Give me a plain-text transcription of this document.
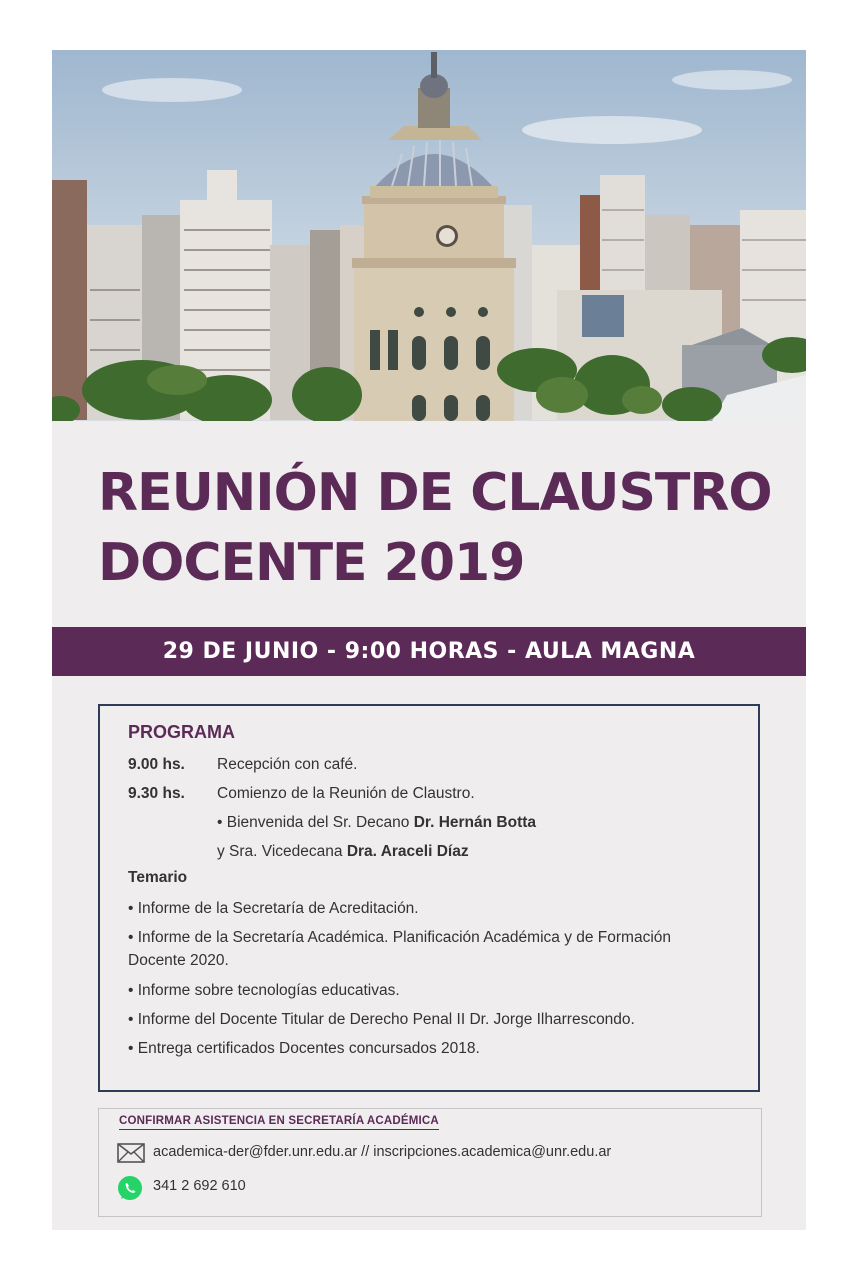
REUNIÓN DE CLAUSTRO
DOCENTE 2019
29 DE JUNIO - 9:00 HORAS - AULA MAGNA
PROGRAMA
9.00 hs. Recepción con café.
9.30 hs. Comienzo de la Reunión de Claustro.
• Bienvenida del Sr. Decano Dr. Hernán Botta
y Sra. Vicedecana Dra. Araceli Díaz
Temario
• Informe de la Secretaría de Acreditación.
• Informe de la Secretaría Académica. Planificación Académica y de Formación Docente 2020.
• Informe sobre tecnologías educativas.
• Informe del Docente Titular de Derecho Penal II Dr. Jorge Ilharrescondo.
• Entrega certificados Docentes concursados 2018.
CONFIRMAR ASISTENCIA EN SECRETARÍA ACADÉMICA
academica-der@fder.unr.edu.ar // inscripciones.academica@unr.edu.ar
341 2 692 610
